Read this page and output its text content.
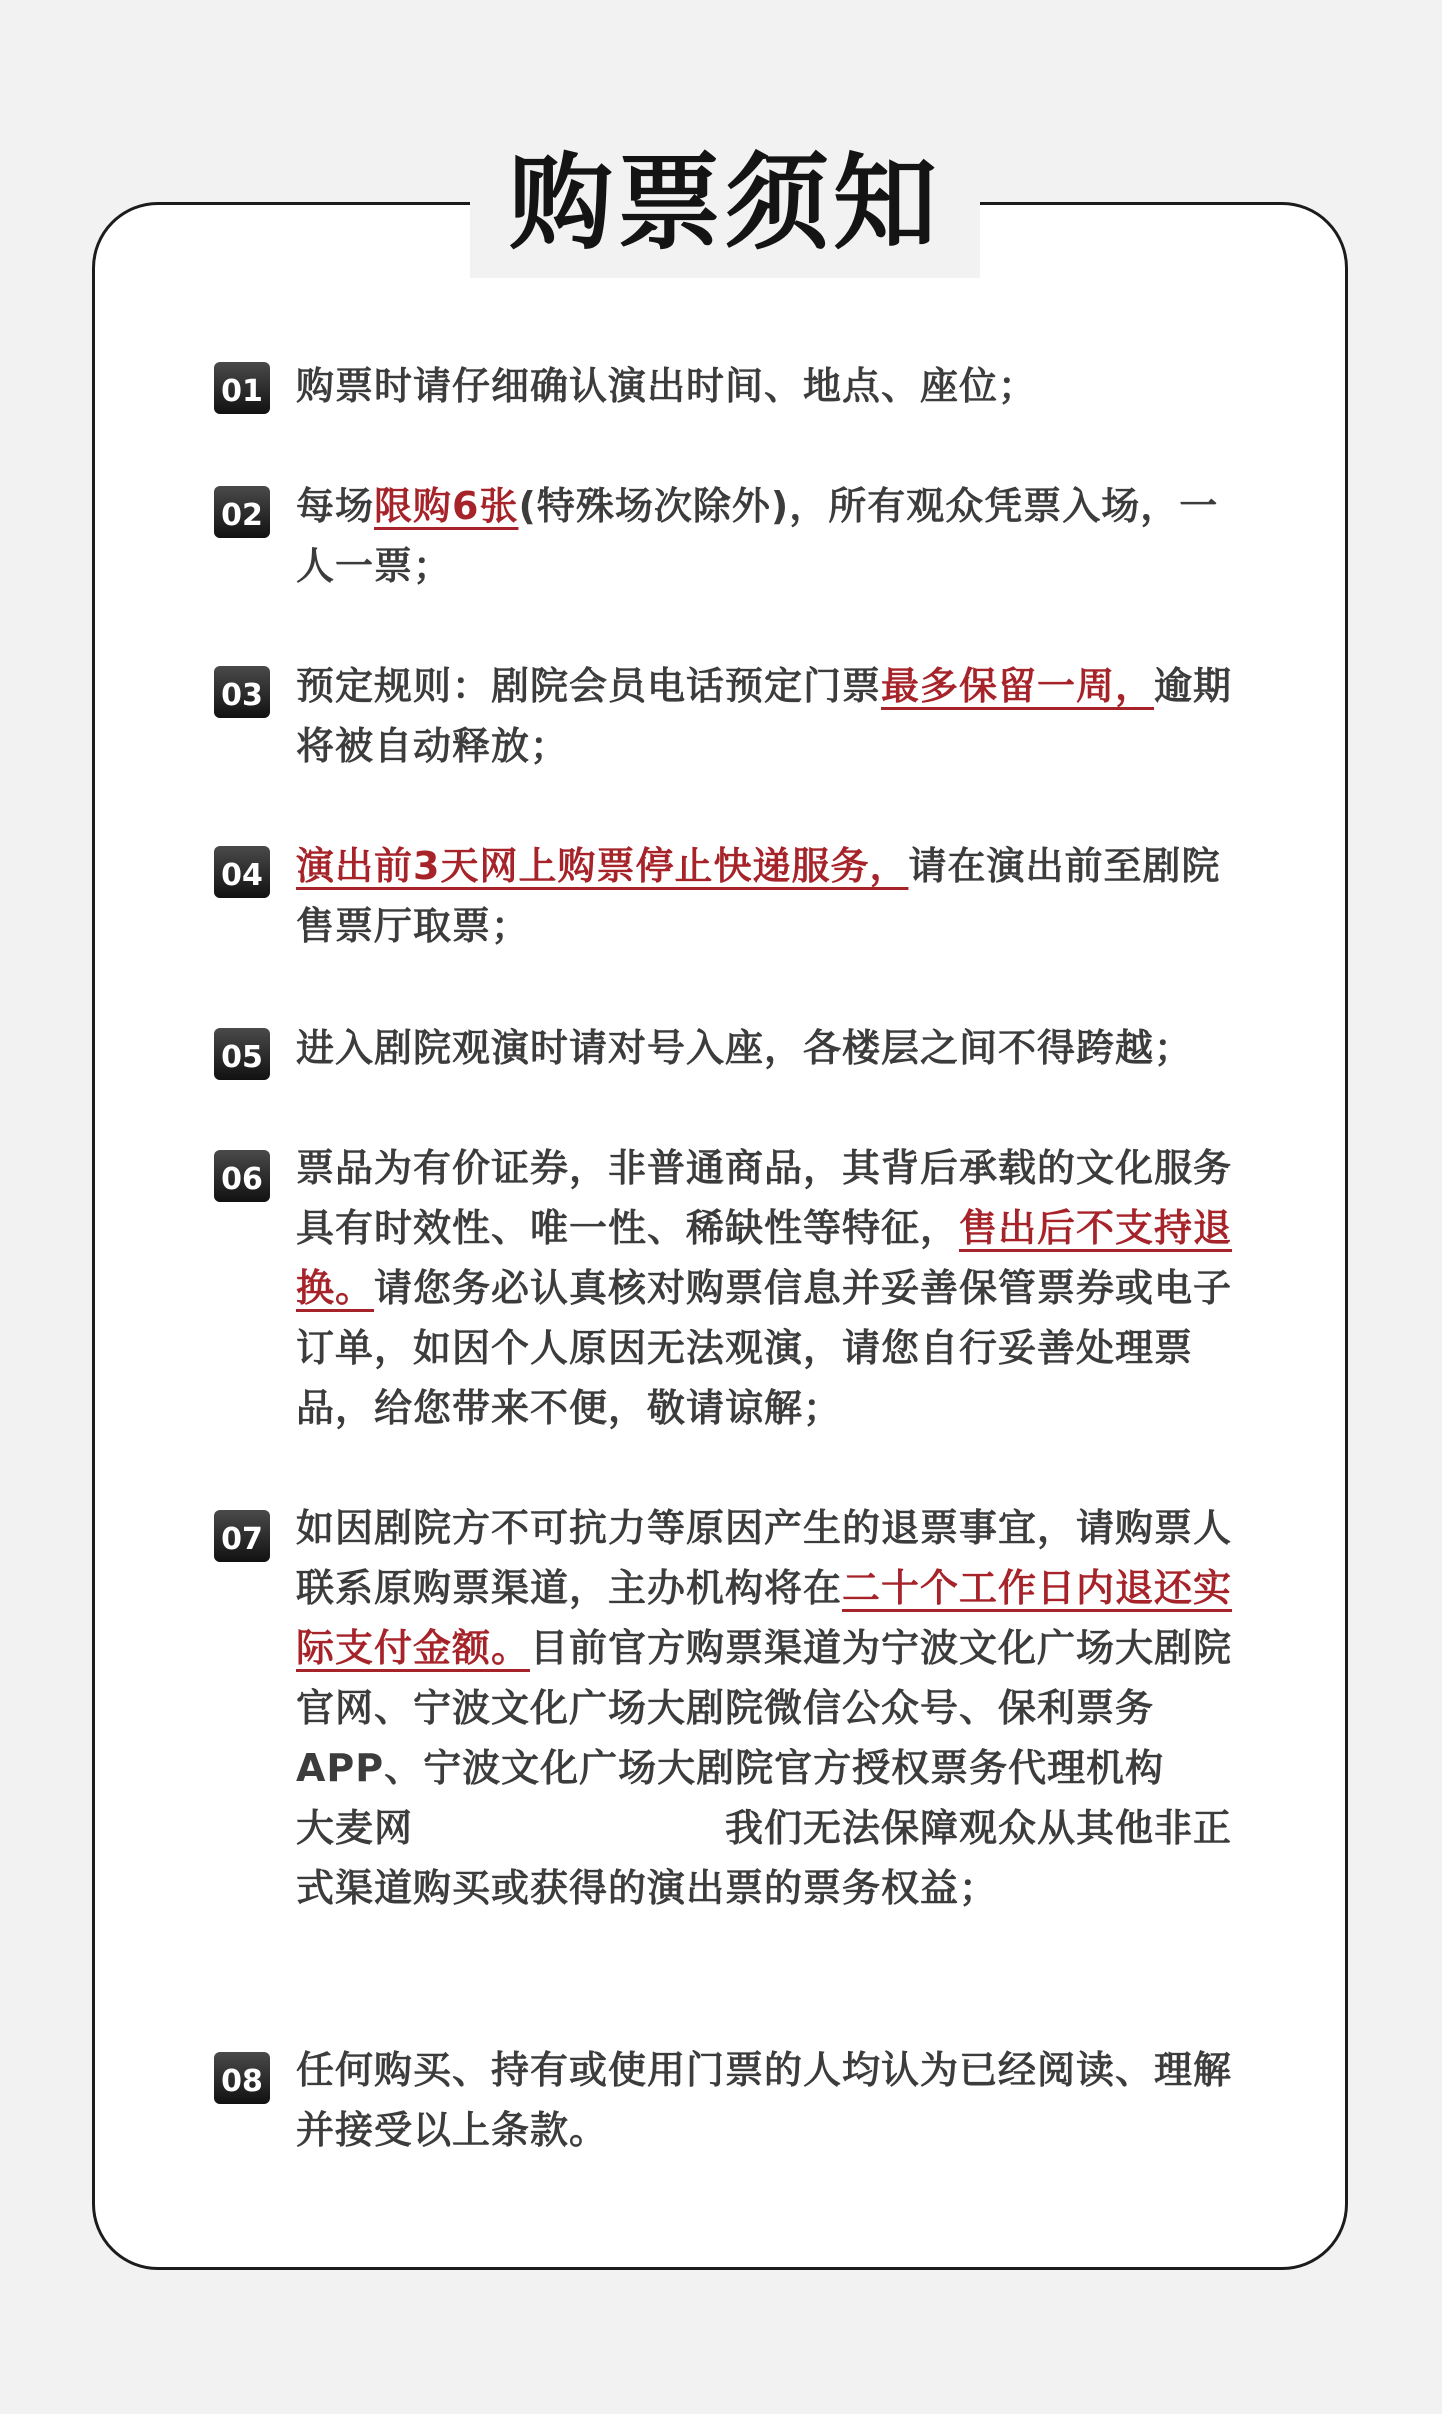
购票须知
01 购票时请仔细确认演出时间、地点、座位；
02 每场限购6张(特殊场次除外)，所有观众凭票入场，一人一票；
03 预定规则：剧院会员电话预定门票最多保留一周，逾期将被自动释放；
04 演出前3天网上购票停止快递服务，请在演出前至剧院售票厅取票；
05 进入剧院观演时请对号入座，各楼层之间不得跨越；
06 票品为有价证券，非普通商品，其背后承载的文化服务具有时效性、唯一性、稀缺性等特征，售出后不支持退换。请您务必认真核对购票信息并妥善保管票券或电子订单，如因个人原因无法观演，请您自行妥善处理票品，给您带来不便，敬请谅解；
07 如因剧院方不可抗力等原因产生的退票事宜，请购票人联系原购票渠道，主办机构将在二十个工作日内退还实际支付金额。目前官方购票渠道为宁波文化广场大剧院官网、宁波文化广场大剧院微信公众号、保利票务APP、宁波文化广场大剧院官方授权票务代理机构　大麦网　　　　　　　　我们无法保障观众从其他非正式渠道购买或获得的演出票的票务权益；
08 任何购买、持有或使用门票的人均认为已经阅读、理解并接受以上条款。
